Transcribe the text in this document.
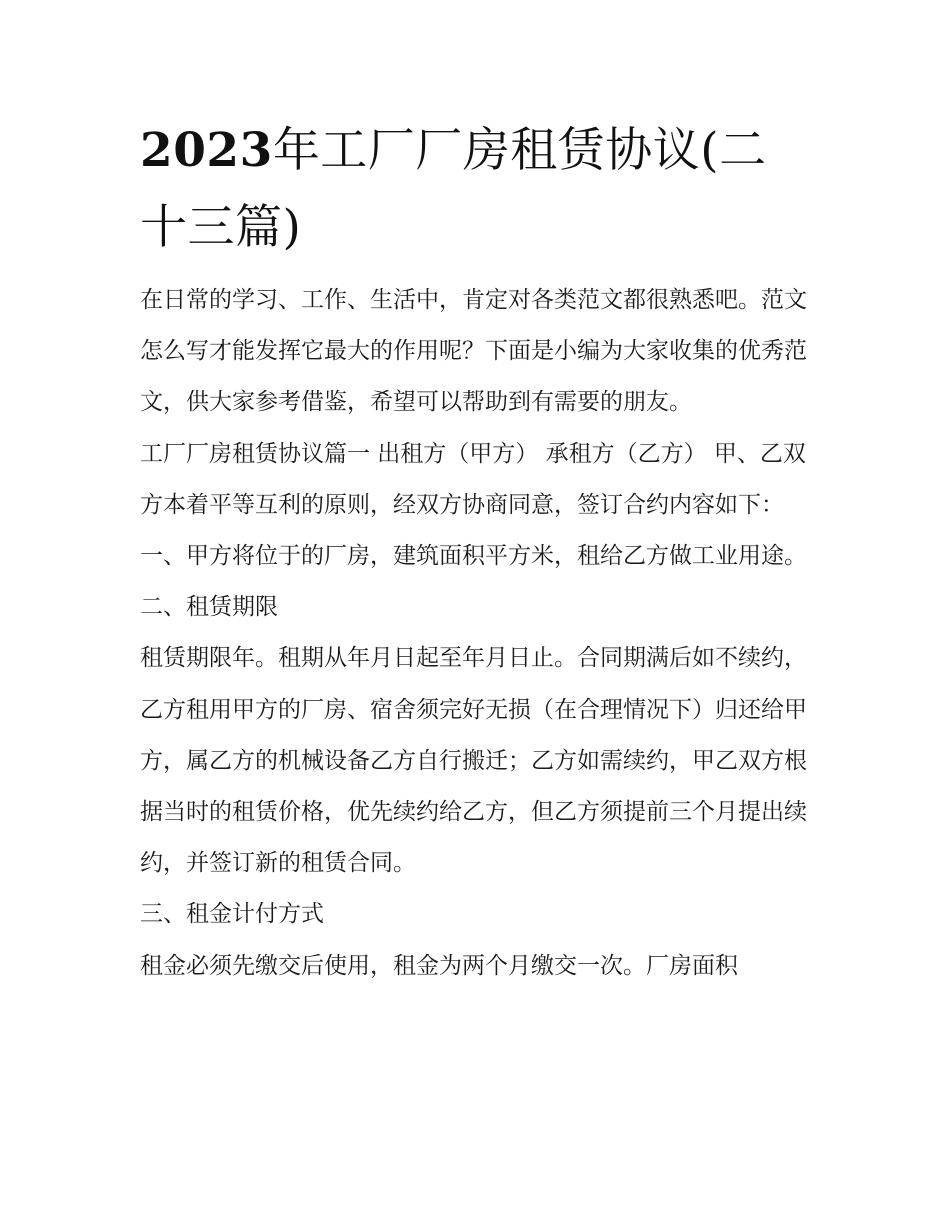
2023年工厂厂房租赁协议(二十三篇)

在日常的学习、工作、生活中，肯定对各类范文都很熟悉吧。范文怎么写才能发挥它最大的作用呢？下面是小编为大家收集的优秀范文，供大家参考借鉴，希望可以帮助到有需要的朋友。

工厂厂房租赁协议篇一 出租方（甲方） 承租方（乙方） 甲、乙双方本着平等互利的原则，经双方协商同意，签订合约内容如下：

一、甲方将位于的厂房，建筑面积平方米，租给乙方做工业用途。 二、租赁期限

租赁期限年。租期从年月日起至年月日止。合同期满后如不续约，乙方租用甲方的厂房、宿舍须完好无损（在合理情况下）归还给甲方，属乙方的机械设备乙方自行搬迁；乙方如需续约，甲乙双方根据当时的租赁价格，优先续约给乙方，但乙方须提前三个月提出续约，并签订新的租赁合同。

三、租金计付方式

租金必须先缴交后使用，租金为两个月缴交一次。厂房面积
